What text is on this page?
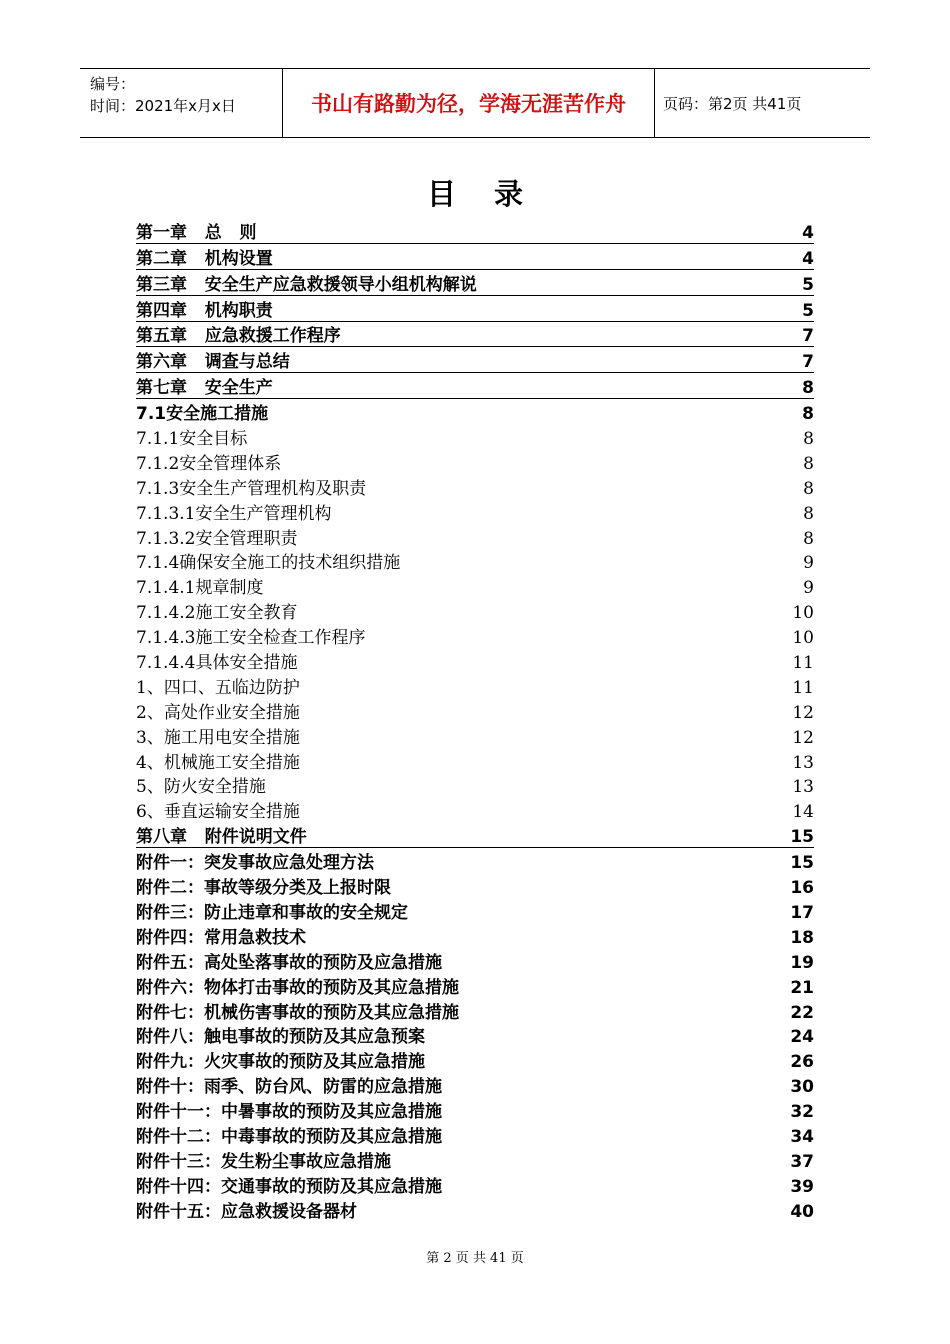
编号：
时间：2021年x月x日	书山有路勤为径，学海无涯苦作舟	页码：第2页 共41页
目录
第一章   总   则	4
第二章   机构设置	4
第三章   安全生产应急救援领导小组机构解说	5
第四章   机构职责	5
第五章   应急救援工作程序	7
第六章   调查与总结	7
第七章   安全生产	8
7.1安全施工措施	8
7.1.1安全目标	8
7.1.2安全管理体系	8
7.1.3安全生产管理机构及职责	8
7.1.3.1安全生产管理机构	8
7.1.3.2安全管理职责	8
7.1.4确保安全施工的技术组织措施	9
7.1.4.1规章制度	9
7.1.4.2施工安全教育	10
7.1.4.3施工安全检查工作程序	10
7.1.4.4具体安全措施	11
1、四口、五临边防护	11
2、高处作业安全措施	12
3、施工用电安全措施	12
4、机械施工安全措施	13
5、防火安全措施	13
6、垂直运输安全措施	14
第八章   附件说明文件	15
附件一：突发事故应急处理方法	15
附件二：事故等级分类及上报时限	16
附件三：防止违章和事故的安全规定	17
附件四：常用急救技术	18
附件五：高处坠落事故的预防及应急措施	19
附件六：物体打击事故的预防及其应急措施	21
附件七：机械伤害事故的预防及其应急措施	22
附件八：触电事故的预防及其应急预案	24
附件九：火灾事故的预防及其应急措施	26
附件十：雨季、防台风、防雷的应急措施	30
附件十一：中暑事故的预防及其应急措施	32
附件十二：中毒事故的预防及其应急措施	34
附件十三：发生粉尘事故应急措施	37
附件十四：交通事故的预防及其应急措施	39
附件十五：应急救援设备器材	40
第 2 页 共 41 页
